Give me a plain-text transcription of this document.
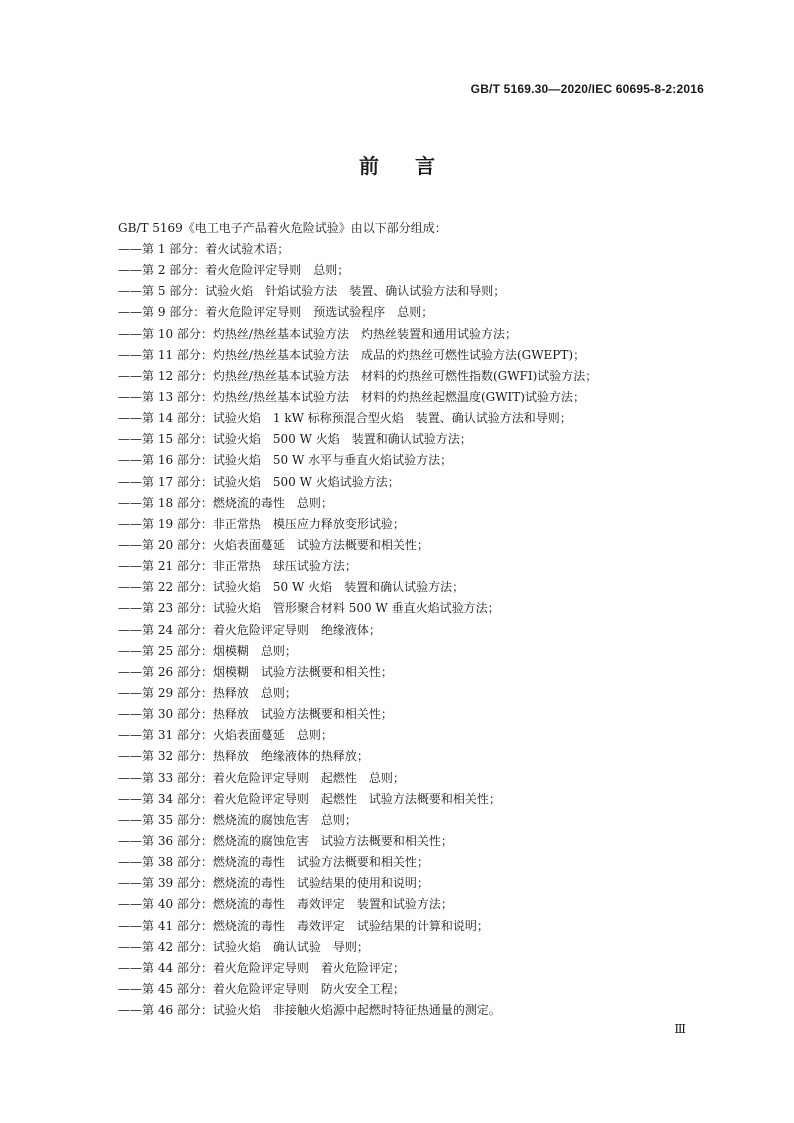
GB/T 5169.30—2020/IEC 60695-8-2:2016
前言
GB/T 5169《电工电子产品着火危险试验》由以下部分组成：
——第 1 部分：着火试验术语；
——第 2 部分：着火危险评定导则　总则；
——第 5 部分：试验火焰　针焰试验方法　装置、确认试验方法和导则；
——第 9 部分：着火危险评定导则　预选试验程序　总则；
——第 10 部分：灼热丝/热丝基本试验方法　灼热丝装置和通用试验方法；
——第 11 部分：灼热丝/热丝基本试验方法　成品的灼热丝可燃性试验方法(GWEPT)；
——第 12 部分：灼热丝/热丝基本试验方法　材料的灼热丝可燃性指数(GWFI)试验方法；
——第 13 部分：灼热丝/热丝基本试验方法　材料的灼热丝起燃温度(GWIT)试验方法；
——第 14 部分：试验火焰　1 kW 标称预混合型火焰　装置、确认试验方法和导则；
——第 15 部分：试验火焰　500 W 火焰　装置和确认试验方法；
——第 16 部分：试验火焰　50 W 水平与垂直火焰试验方法；
——第 17 部分：试验火焰　500 W 火焰试验方法；
——第 18 部分：燃烧流的毒性　总则；
——第 19 部分：非正常热　模压应力释放变形试验；
——第 20 部分：火焰表面蔓延　试验方法概要和相关性；
——第 21 部分：非正常热　球压试验方法；
——第 22 部分：试验火焰　50 W 火焰　装置和确认试验方法；
——第 23 部分：试验火焰　管形聚合材料 500 W 垂直火焰试验方法；
——第 24 部分：着火危险评定导则　绝缘液体；
——第 25 部分：烟模糊　总则；
——第 26 部分：烟模糊　试验方法概要和相关性；
——第 29 部分：热释放　总则；
——第 30 部分：热释放　试验方法概要和相关性；
——第 31 部分：火焰表面蔓延　总则；
——第 32 部分：热释放　绝缘液体的热释放；
——第 33 部分：着火危险评定导则　起燃性　总则；
——第 34 部分：着火危险评定导则　起燃性　试验方法概要和相关性；
——第 35 部分：燃烧流的腐蚀危害　总则；
——第 36 部分：燃烧流的腐蚀危害　试验方法概要和相关性；
——第 38 部分：燃烧流的毒性　试验方法概要和相关性；
——第 39 部分：燃烧流的毒性　试验结果的使用和说明；
——第 40 部分：燃烧流的毒性　毒效评定　装置和试验方法；
——第 41 部分：燃烧流的毒性　毒效评定　试验结果的计算和说明；
——第 42 部分：试验火焰　确认试验　导则；
——第 44 部分：着火危险评定导则　着火危险评定；
——第 45 部分：着火危险评定导则　防火安全工程；
——第 46 部分：试验火焰　非接触火焰源中起燃时特征热通量的测定。
Ⅲ
